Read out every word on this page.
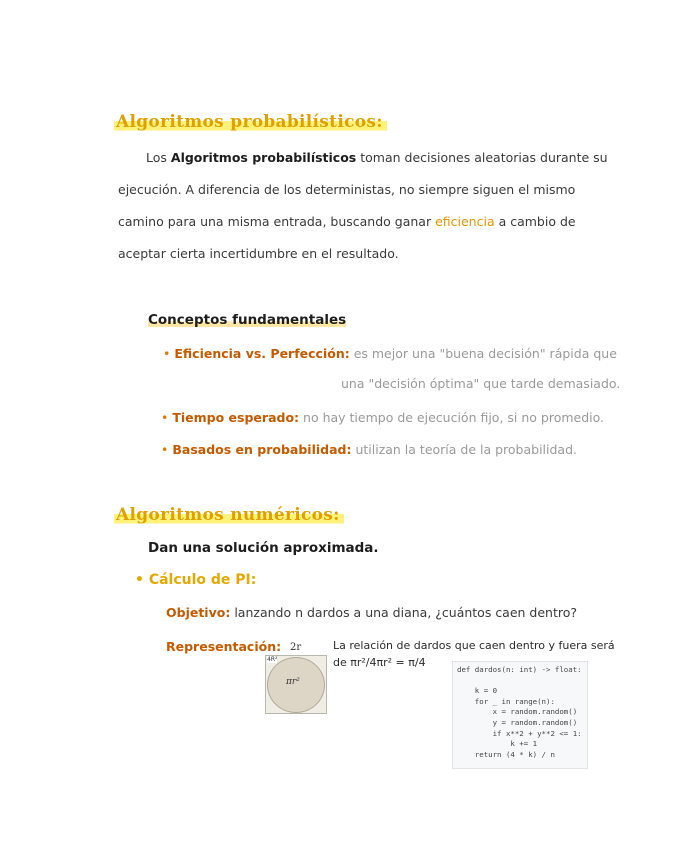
Algoritmos probabilísticos:
Los Algoritmos probabilísticos toman decisiones aleatorias durante su
ejecución. A diferencia de los deterministas, no siempre siguen el mismo
camino para una misma entrada, buscando ganar eficiencia a cambio de
aceptar cierta incertidumbre en el resultado.
Conceptos fundamentales
• Eficiencia vs. Perfección: es mejor una "buena decisión" rápida que
una "decisión óptima" que tarde demasiado.
• Tiempo esperado: no hay tiempo de ejecución fijo, si no promedio.
• Basados en probabilidad: utilizan la teoría de la probabilidad.
Algoritmos numéricos:
Dan una solución aproximada.
• Cálculo de PI:
Objetivo: lanzando n dardos a una diana, ¿cuántos caen dentro?
Representación: 2r
4R²
πr²
La relación de dardos que caen dentro y fuera será
de πr²/4πr² = π/4
def dardos(n: int) -> float:
k = 0
for _ in range(n):
x = random.random()
y = random.random()
if x**2 + y**2 <= 1:
k += 1
return (4 * k) / n
